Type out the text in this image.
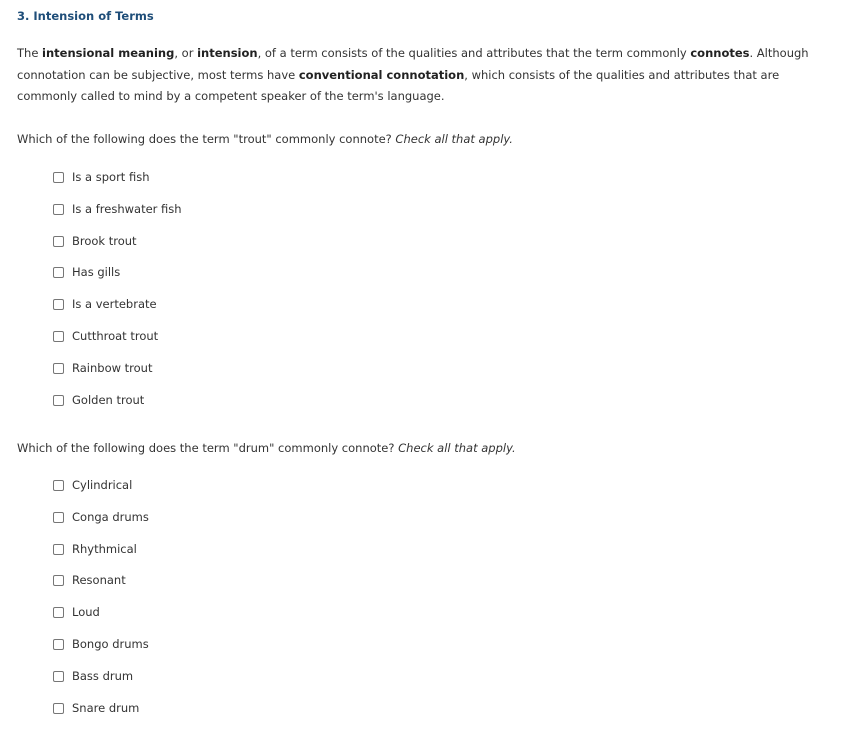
3. Intension of Terms
The intensional meaning, or intension, of a term consists of the qualities and attributes that the term commonly connotes. Although connotation can be subjective, most terms have conventional connotation, which consists of the qualities and attributes that are commonly called to mind by a competent speaker of the term's language.
Which of the following does the term "trout" commonly connote? Check all that apply.
Is a sport fish
Is a freshwater fish
Brook trout
Has gills
Is a vertebrate
Cutthroat trout
Rainbow trout
Golden trout
Which of the following does the term "drum" commonly connote? Check all that apply.
Cylindrical
Conga drums
Rhythmical
Resonant
Loud
Bongo drums
Bass drum
Snare drum
